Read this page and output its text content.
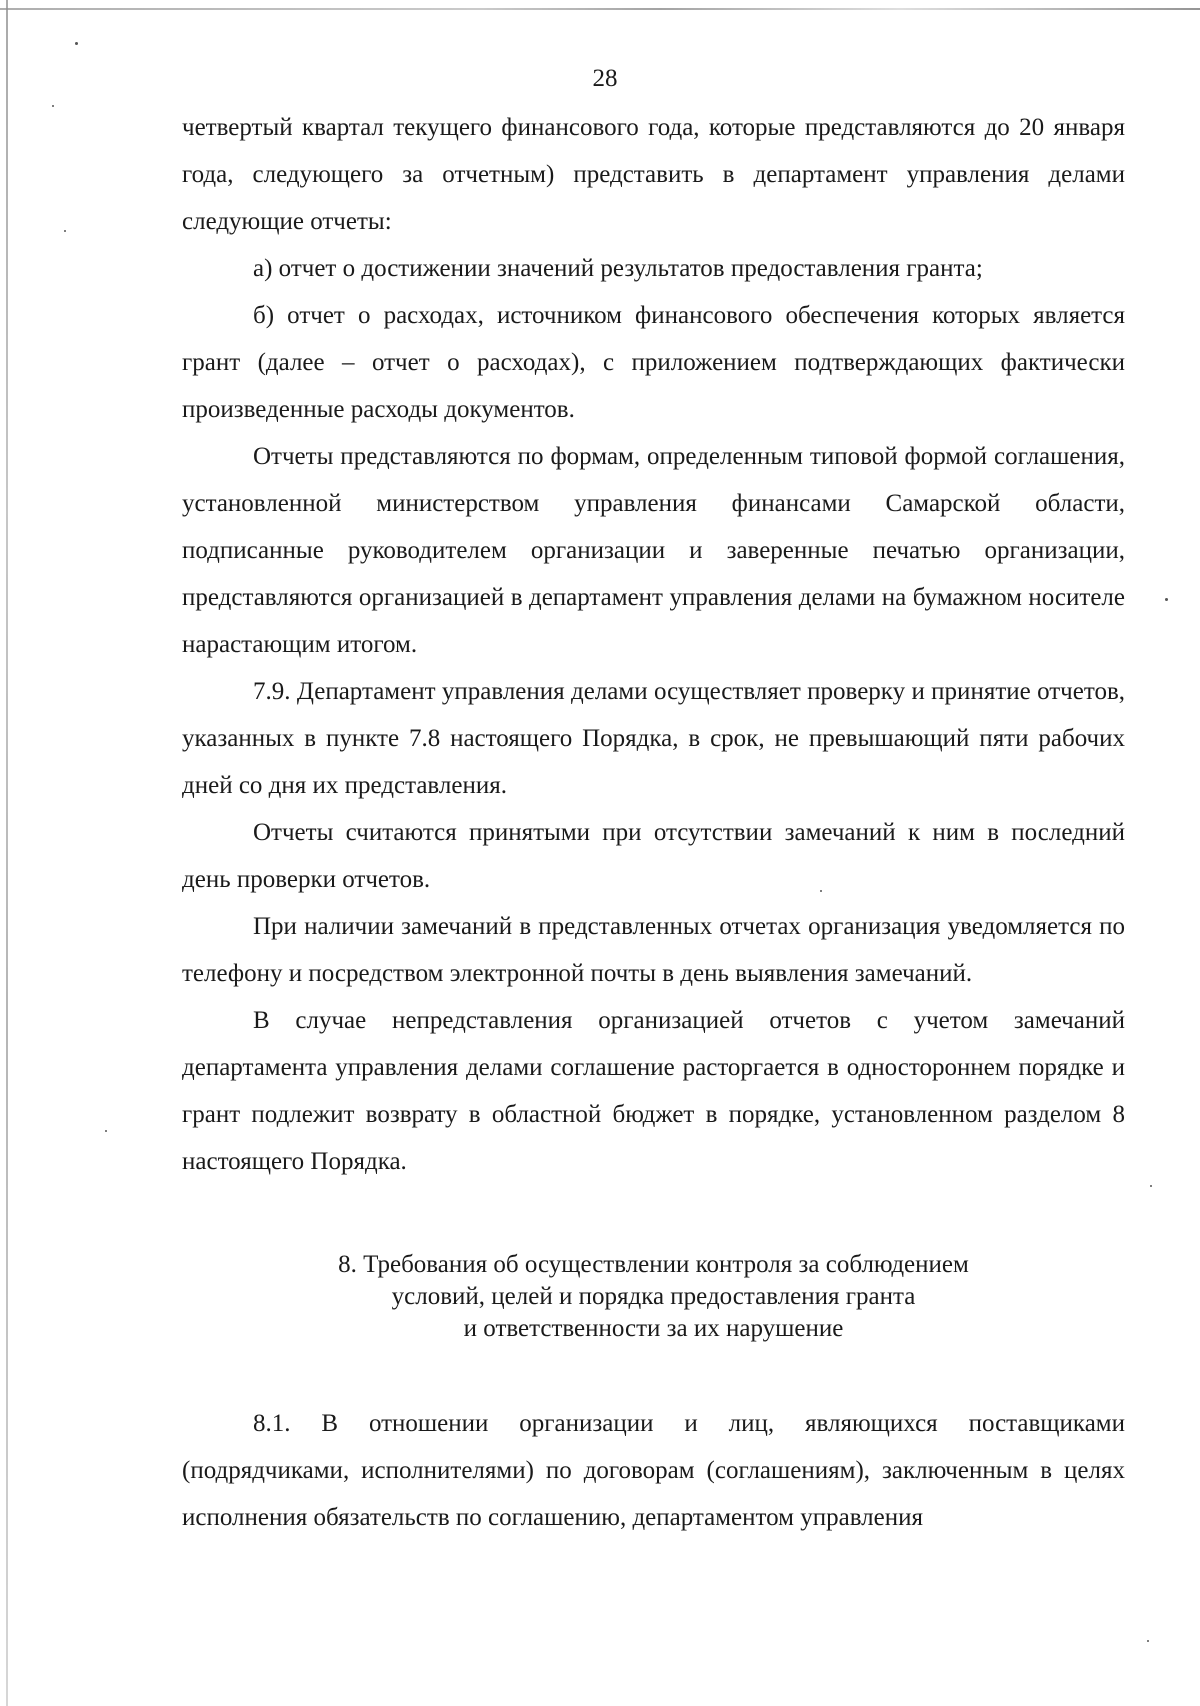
28

четвертый квартал текущего финансового года, которые представляются до 20 января года, следующего за отчетным) представить в департамент управления делами следующие отчеты:

а) отчет о достижении значений результатов предоставления гранта;

б) отчет о расходах, источником финансового обеспечения которых является грант (далее – отчет о расходах), с приложением подтверждающих фактически произведенные расходы документов.

Отчеты представляются по формам, определенным типовой формой соглашения, установленной министерством управления финансами Самарской области, подписанные руководителем организации и заверенные печатью организации, представляются организацией в департамент управления делами на бумажном носителе нарастающим итогом.

7.9. Департамент управления делами осуществляет проверку и принятие отчетов, указанных в пункте 7.8 настоящего Порядка, в срок, не превышающий пяти рабочих дней со дня их представления.

Отчеты считаются принятыми при отсутствии замечаний к ним в последний день проверки отчетов.

При наличии замечаний в представленных отчетах организация уведомляется по телефону и посредством электронной почты в день выявления замечаний.

В случае непредставления организацией отчетов с учетом замечаний департамента управления делами соглашение расторгается в одностороннем порядке и грант подлежит возврату в областной бюджет в порядке, установленном разделом 8 настоящего Порядка.

8. Требования об осуществлении контроля за соблюдением
условий, целей и порядка предоставления гранта
и ответственности за их нарушение

8.1. В отношении организации и лиц, являющихся поставщиками (подрядчиками, исполнителями) по договорам (соглашениям), заключенным в целях исполнения обязательств по соглашению, департаментом управления
